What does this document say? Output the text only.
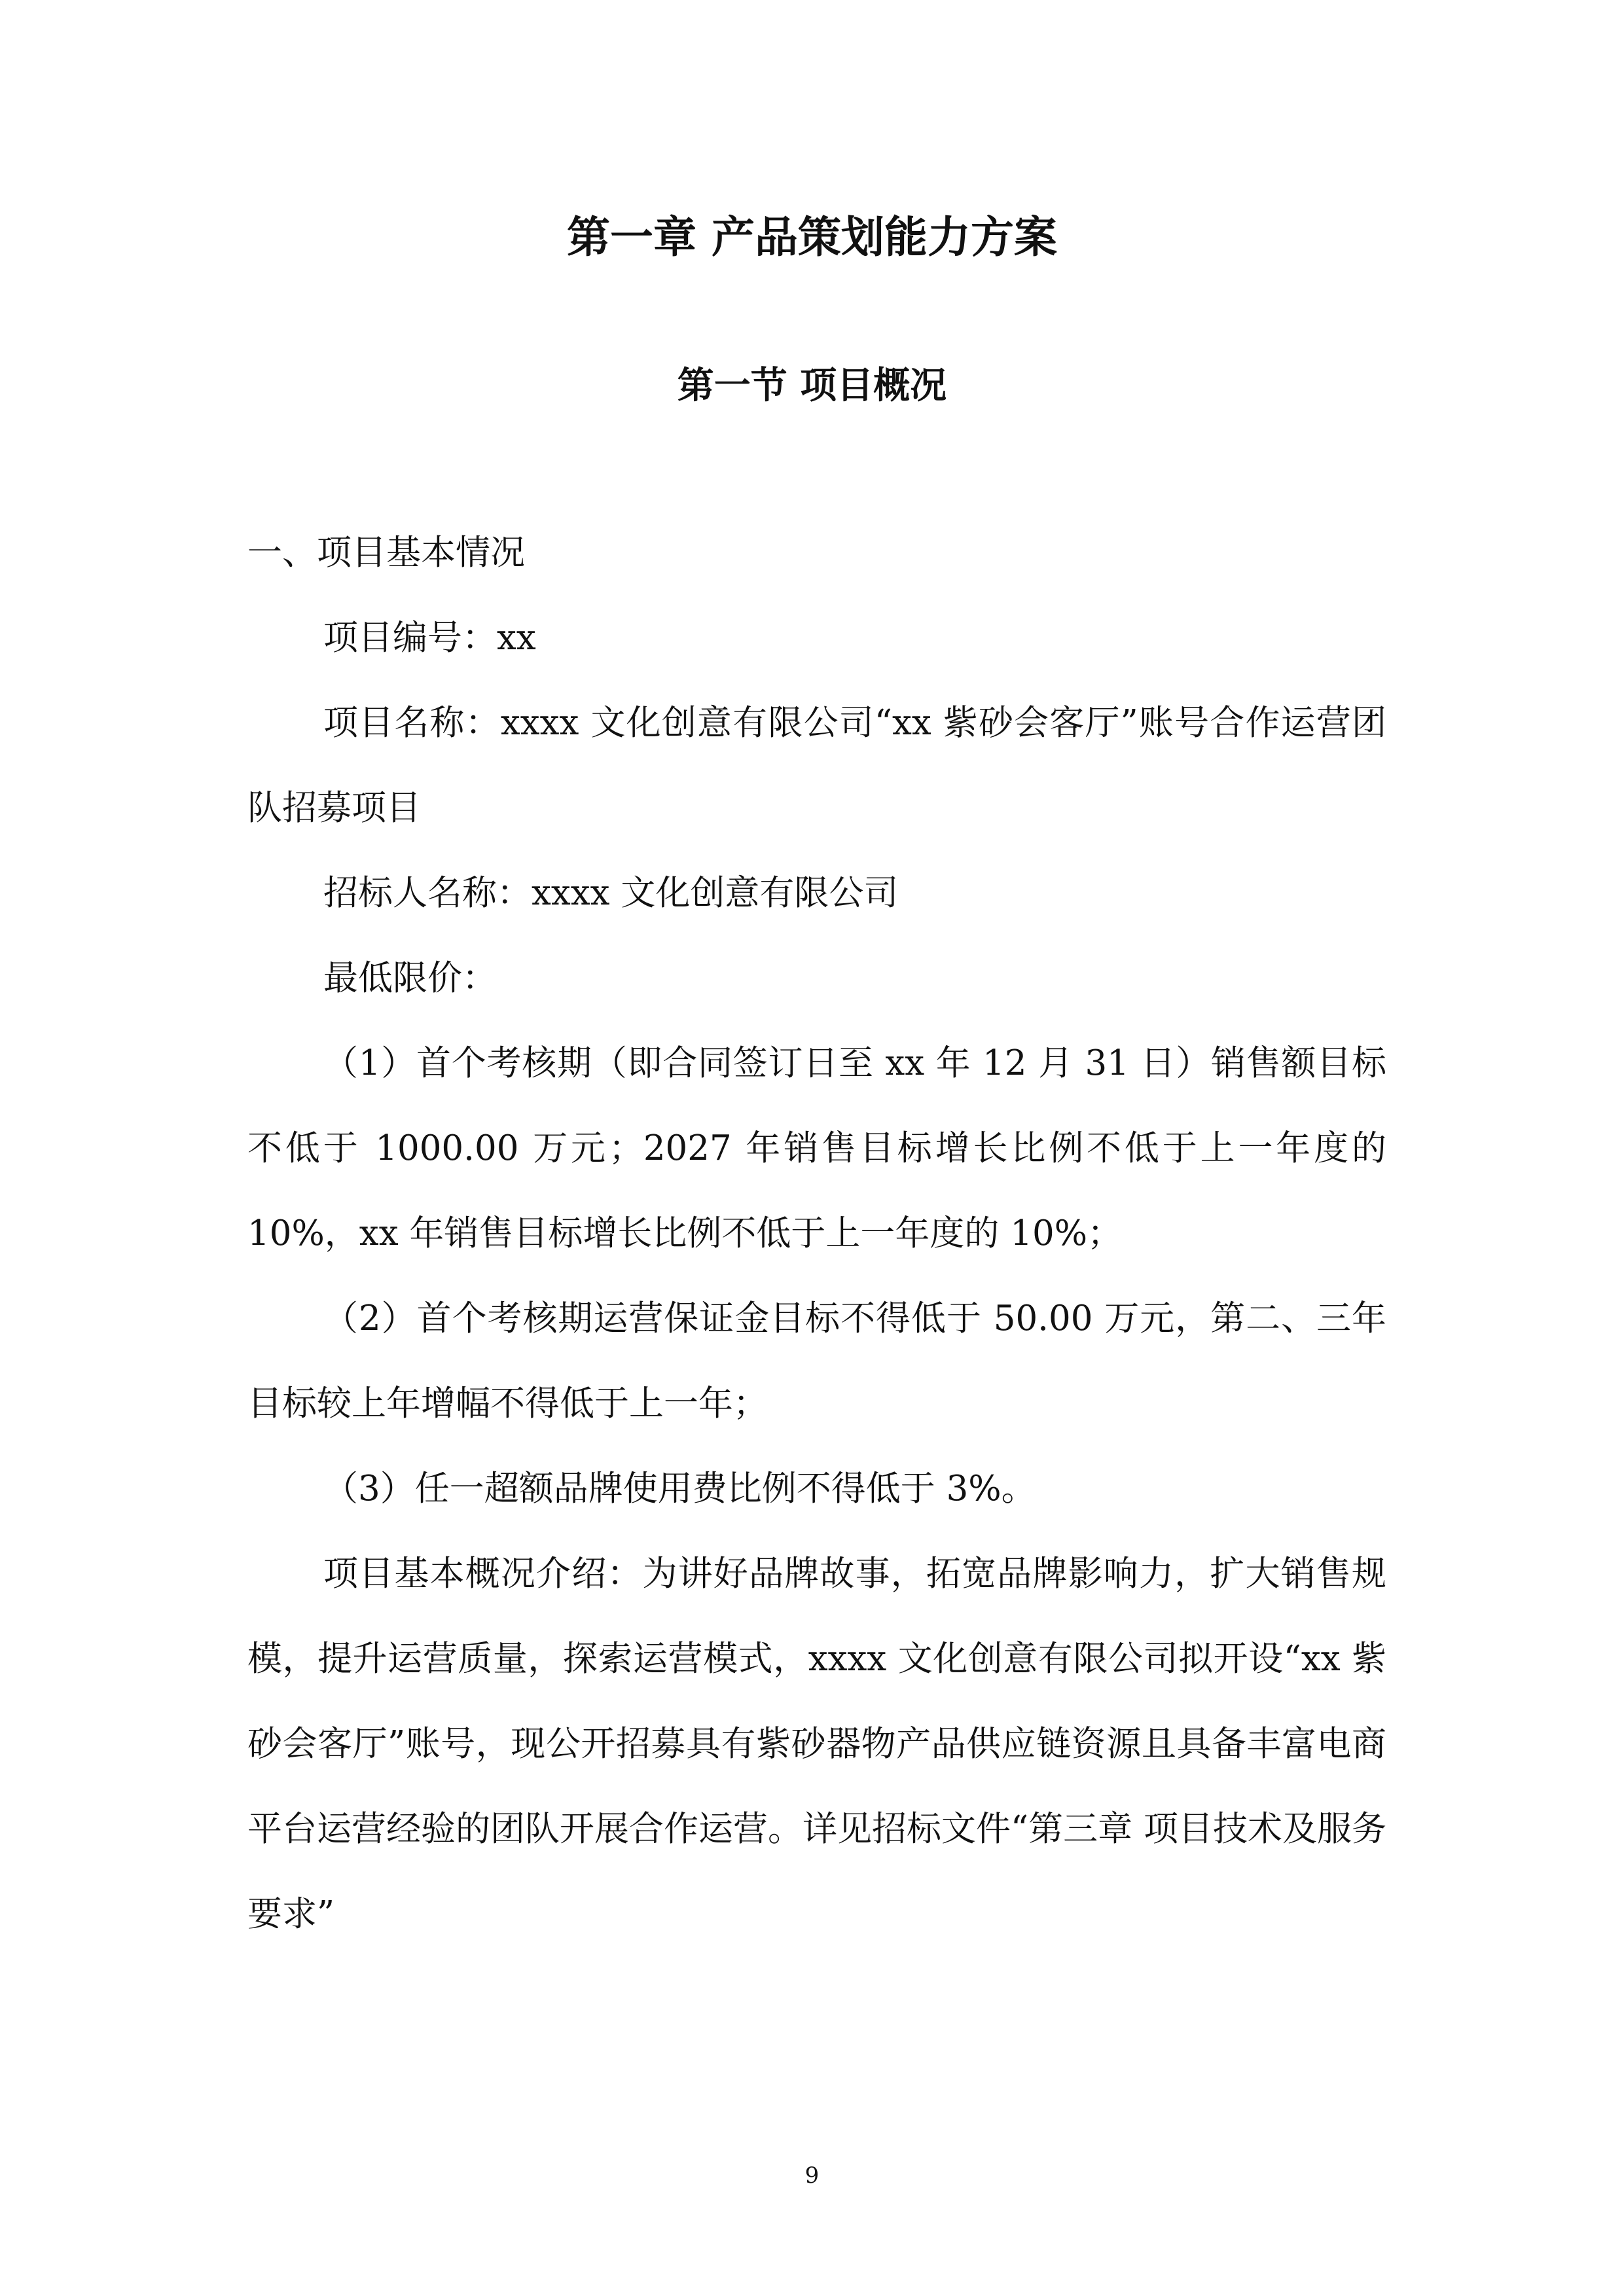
第一章 产品策划能力方案
第一节 项目概况

一、项目基本情况

项目编号：xx

项目名称：xxxx 文化创意有限公司“xx 紫砂会客厅”账号合作运营团队招募项目

招标人名称：xxxx 文化创意有限公司

最低限价：

（1）首个考核期（即合同签订日至 xx 年 12 月 31 日）销售额目标不低于 1000.00 万元；2027 年销售目标增长比例不低于上一年度的 10%，xx 年销售目标增长比例不低于上一年度的 10%；

（2）首个考核期运营保证金目标不得低于 50.00 万元，第二、三年目标较上年增幅不得低于上一年；

（3）任一超额品牌使用费比例不得低于 3%。

项目基本概况介绍：为讲好品牌故事，拓宽品牌影响力，扩大销售规模，提升运营质量，探索运营模式，xxxx 文化创意有限公司拟开设“xx 紫砂会客厅”账号，现公开招募具有紫砂器物产品供应链资源且具备丰富电商平台运营经验的团队开展合作运营。详见招标文件“第三章 项目技术及服务要求”

9
